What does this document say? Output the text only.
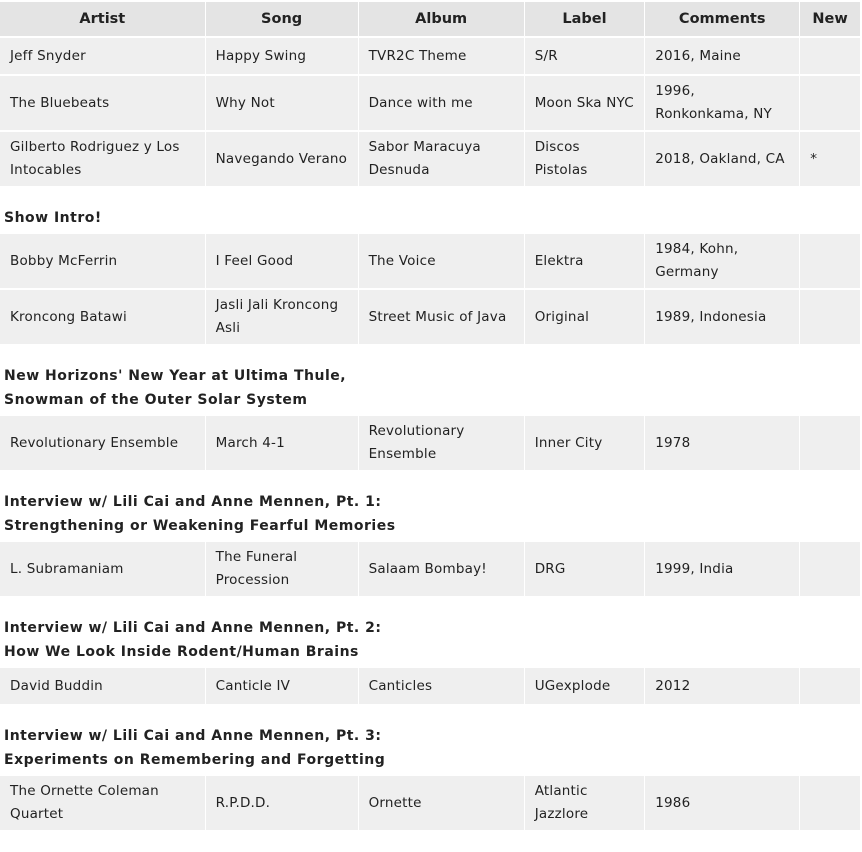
Artist	Song	Album	Label	Comments	New
Jeff Snyder	Happy Swing	TVR2C Theme	S/R	2016, Maine	
The Bluebeats	Why Not	Dance with me	Moon Ska NYC	1996, Ronkonkama, NY	
Gilberto Rodriguez y Los Intocables	Navegando Verano	Sabor Maracuya Desnuda	Discos Pistolas	2018, Oakland, CA	*

Show Intro!					

Bobby McFerrin	I Feel Good	The Voice	Elektra	1984, Kohn, Germany	
Kroncong Batawi	Jasli Jali Kroncong Asli	Street Music of Java	Original	1989, Indonesia	

New Horizons' New Year at Ultima Thule,
Snowman of the Outer Solar System					

Revolutionary Ensemble	March 4-1	Revolutionary Ensemble	Inner City	1978	

Interview w/ Lili Cai and Anne Mennen, Pt. 1:
Strengthening or Weakening Fearful Memories					

L. Subramaniam	The Funeral Procession	Salaam Bombay!	DRG	1999, India	

Interview w/ Lili Cai and Anne Mennen, Pt. 2:
How We Look Inside Rodent/Human Brains					

David Buddin	Canticle IV	Canticles	UGexplode	2012	

Interview w/ Lili Cai and Anne Mennen, Pt. 3:
Experiments on Remembering and Forgetting					

The Ornette Coleman Quartet	R.P.D.D.	Ornette	Atlantic Jazzlore	1986	
